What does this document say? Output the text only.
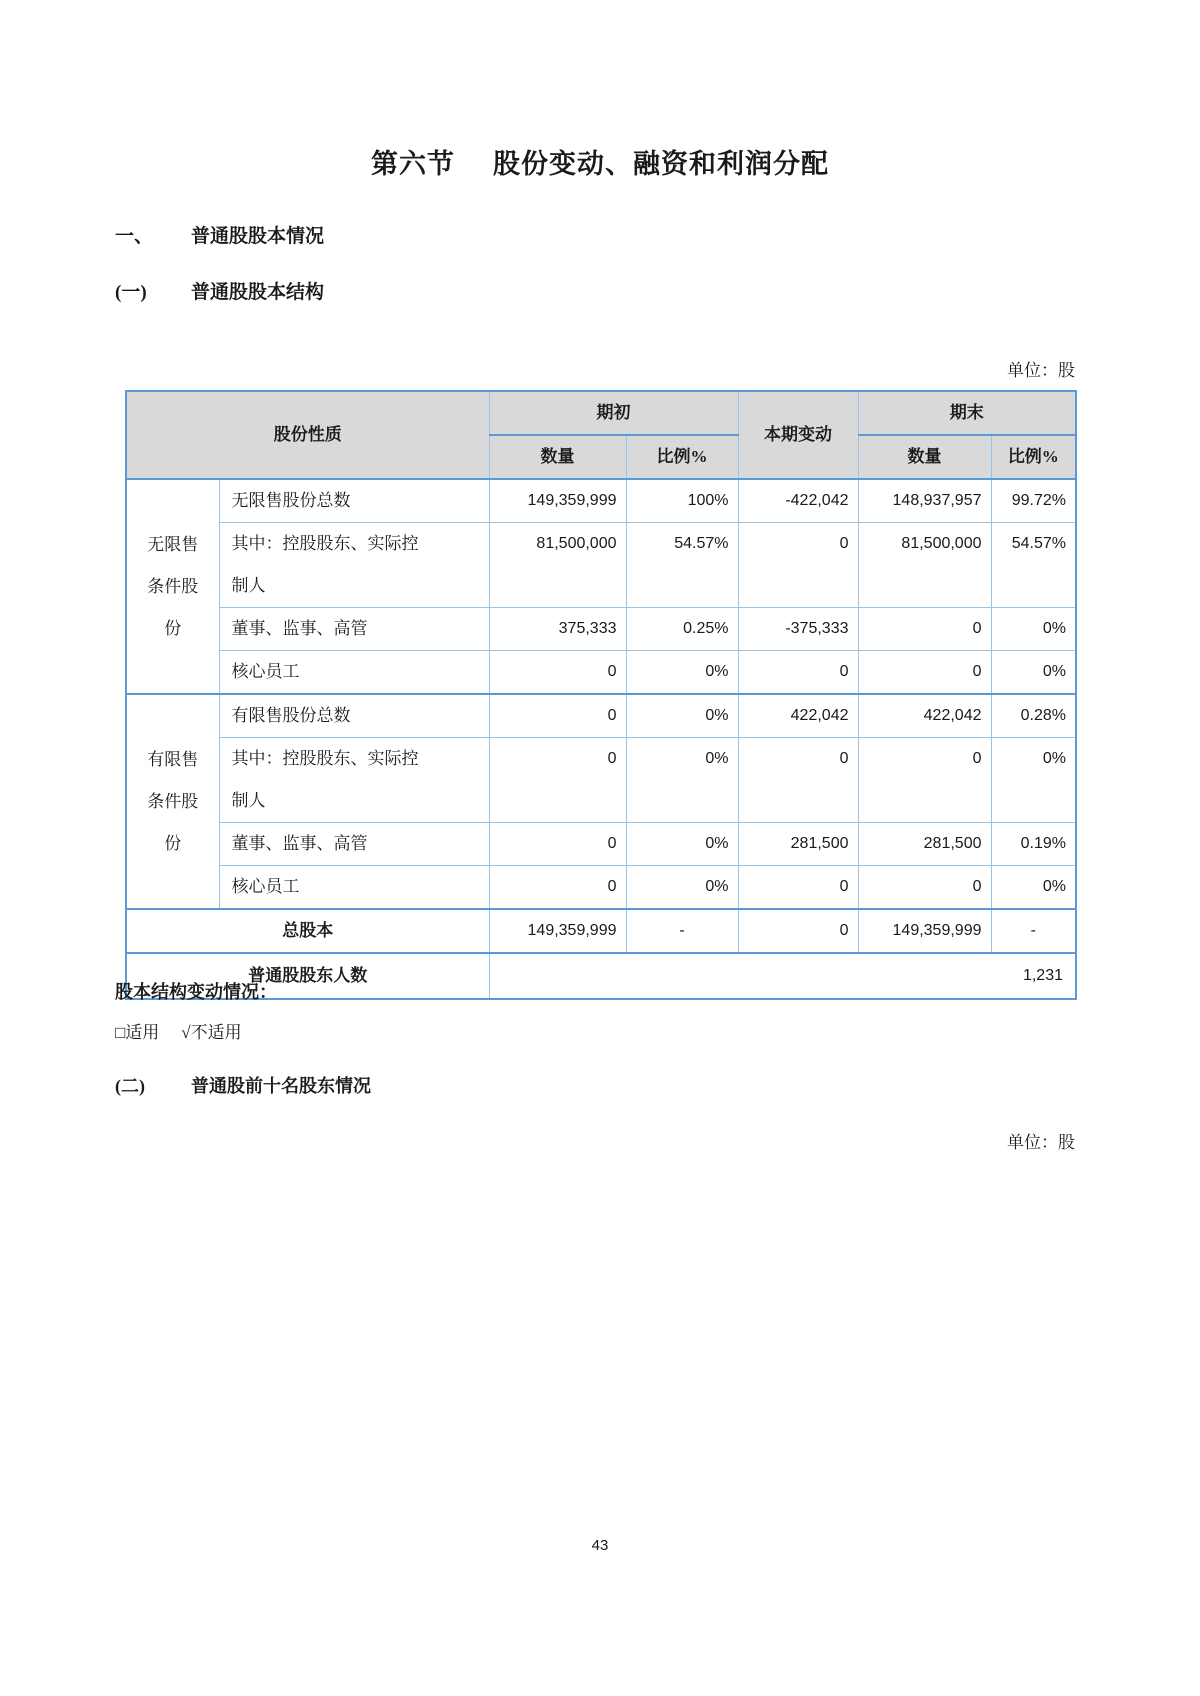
第六节 股份变动、融资和利润分配
一、 普通股股本情况
(一) 普通股股本结构
单位：股
股份性质		期初		本期变动	期末	
		数量	比例%		数量	比例%
无限售条件股份	无限售股份总数	149,359,999	100%	-422,042	148,937,957	99.72%
	其中：控股股东、实际控制人	81,500,000	54.57%	0	81,500,000	54.57%
	董事、监事、高管	375,333	0.25%	-375,333	0	0%
	核心员工	0	0%	0	0	0%
有限售条件股份	有限售股份总数	0	0%	422,042	422,042	0.28%
	其中：控股股东、实际控制人	0	0%	0	0	0%
	董事、监事、高管	0	0%	281,500	281,500	0.19%
	核心员工	0	0%	0	0	0%
总股本		149,359,999	-	0	149,359,999	-
普通股股东人数		1,231				
股本结构变动情况：
□适用 √不适用
(二)	普通股前十名股东情况
单位：股
43
